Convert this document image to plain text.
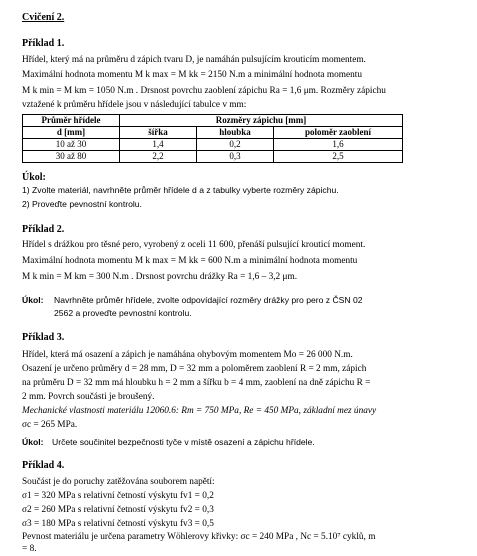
Cvičení 2.
Příklad 1.
Hřídel, který má na průměru d zápich tvaru D, je namáhán pulsujícím krouticím momentem.
Maximální hodnota momentu M k max = M kk = 2150 N.m a minimální hodnota momentu
M k min = M km = 1050 N.m . Drsnost povrchu zaoblení zápichu Ra = 1,6 μm. Rozměry zápichu
vztažené k průměru hřídele jsou v následující tabulce v mm:
Průměr hřídele	Rozměry zápichu [mm]		
d [mm]	šířka	hloubka	poloměr zaoblení
10 až 30	1,4	0,2	1,6
30 až 80	2,2	0,3	2,5
Úkol:
1) Zvolte materiál, navrhněte průměr hřídele d a z tabulky vyberte rozměry zápichu.
2) Proveďte pevnostní kontrolu.
Příklad 2.
Hřídel s drážkou pro těsné pero, vyrobený z oceli 11 600, přenáší pulsující krouticí moment.
Maximální hodnota momentu M k max = M kk = 600 N.m a minimální hodnota momentu
M k min = M km = 300 N.m . Drsnost povrchu drážky Ra = 1,6 – 3,2 μm.
Úkol: Navrhněte průměr hřídele, zvolte odpovídající rozměry drážky pro pero z ČSN 02
2562 a proveďte pevnostní kontrolu.
Příklad 3.
Hřídel, která má osazení a zápich je namáhána ohybovým momentem Mo = 26 000 N.m.
Osazení je určeno průměry d = 28 mm, D = 32 mm a poloměrem zaoblení R = 2 mm, zápich
na průměru D = 32 mm má hloubku h = 2 mm a šířku b = 4 mm, zaoblení na dně zápichu R =
2 mm. Povrch součásti je broušený.
Mechanické vlastnosti materiálu 12060.6: Rm = 750 MPa, Re = 450 MPa, základní mez únavy
σc = 265 MPa.
Úkol: Určete součinitel bezpečnosti tyče v místě osazení a zápichu hřídele.
Příklad 4.
Součást je do poruchy zatěžována souborem napětí:
σ1 = 320 MPa s relativní četností výskytu fv1 = 0,2
σ2 = 260 MPa s relativní četností výskytu fv2 = 0,3
σ3 = 180 MPa s relativní četností výskytu fv3 = 0,5
Pevnost materiálu je určena parametry Wöhlerovy křivky: σc = 240 MPa , Nc = 5.10⁷ cyklů, m
= 8.
